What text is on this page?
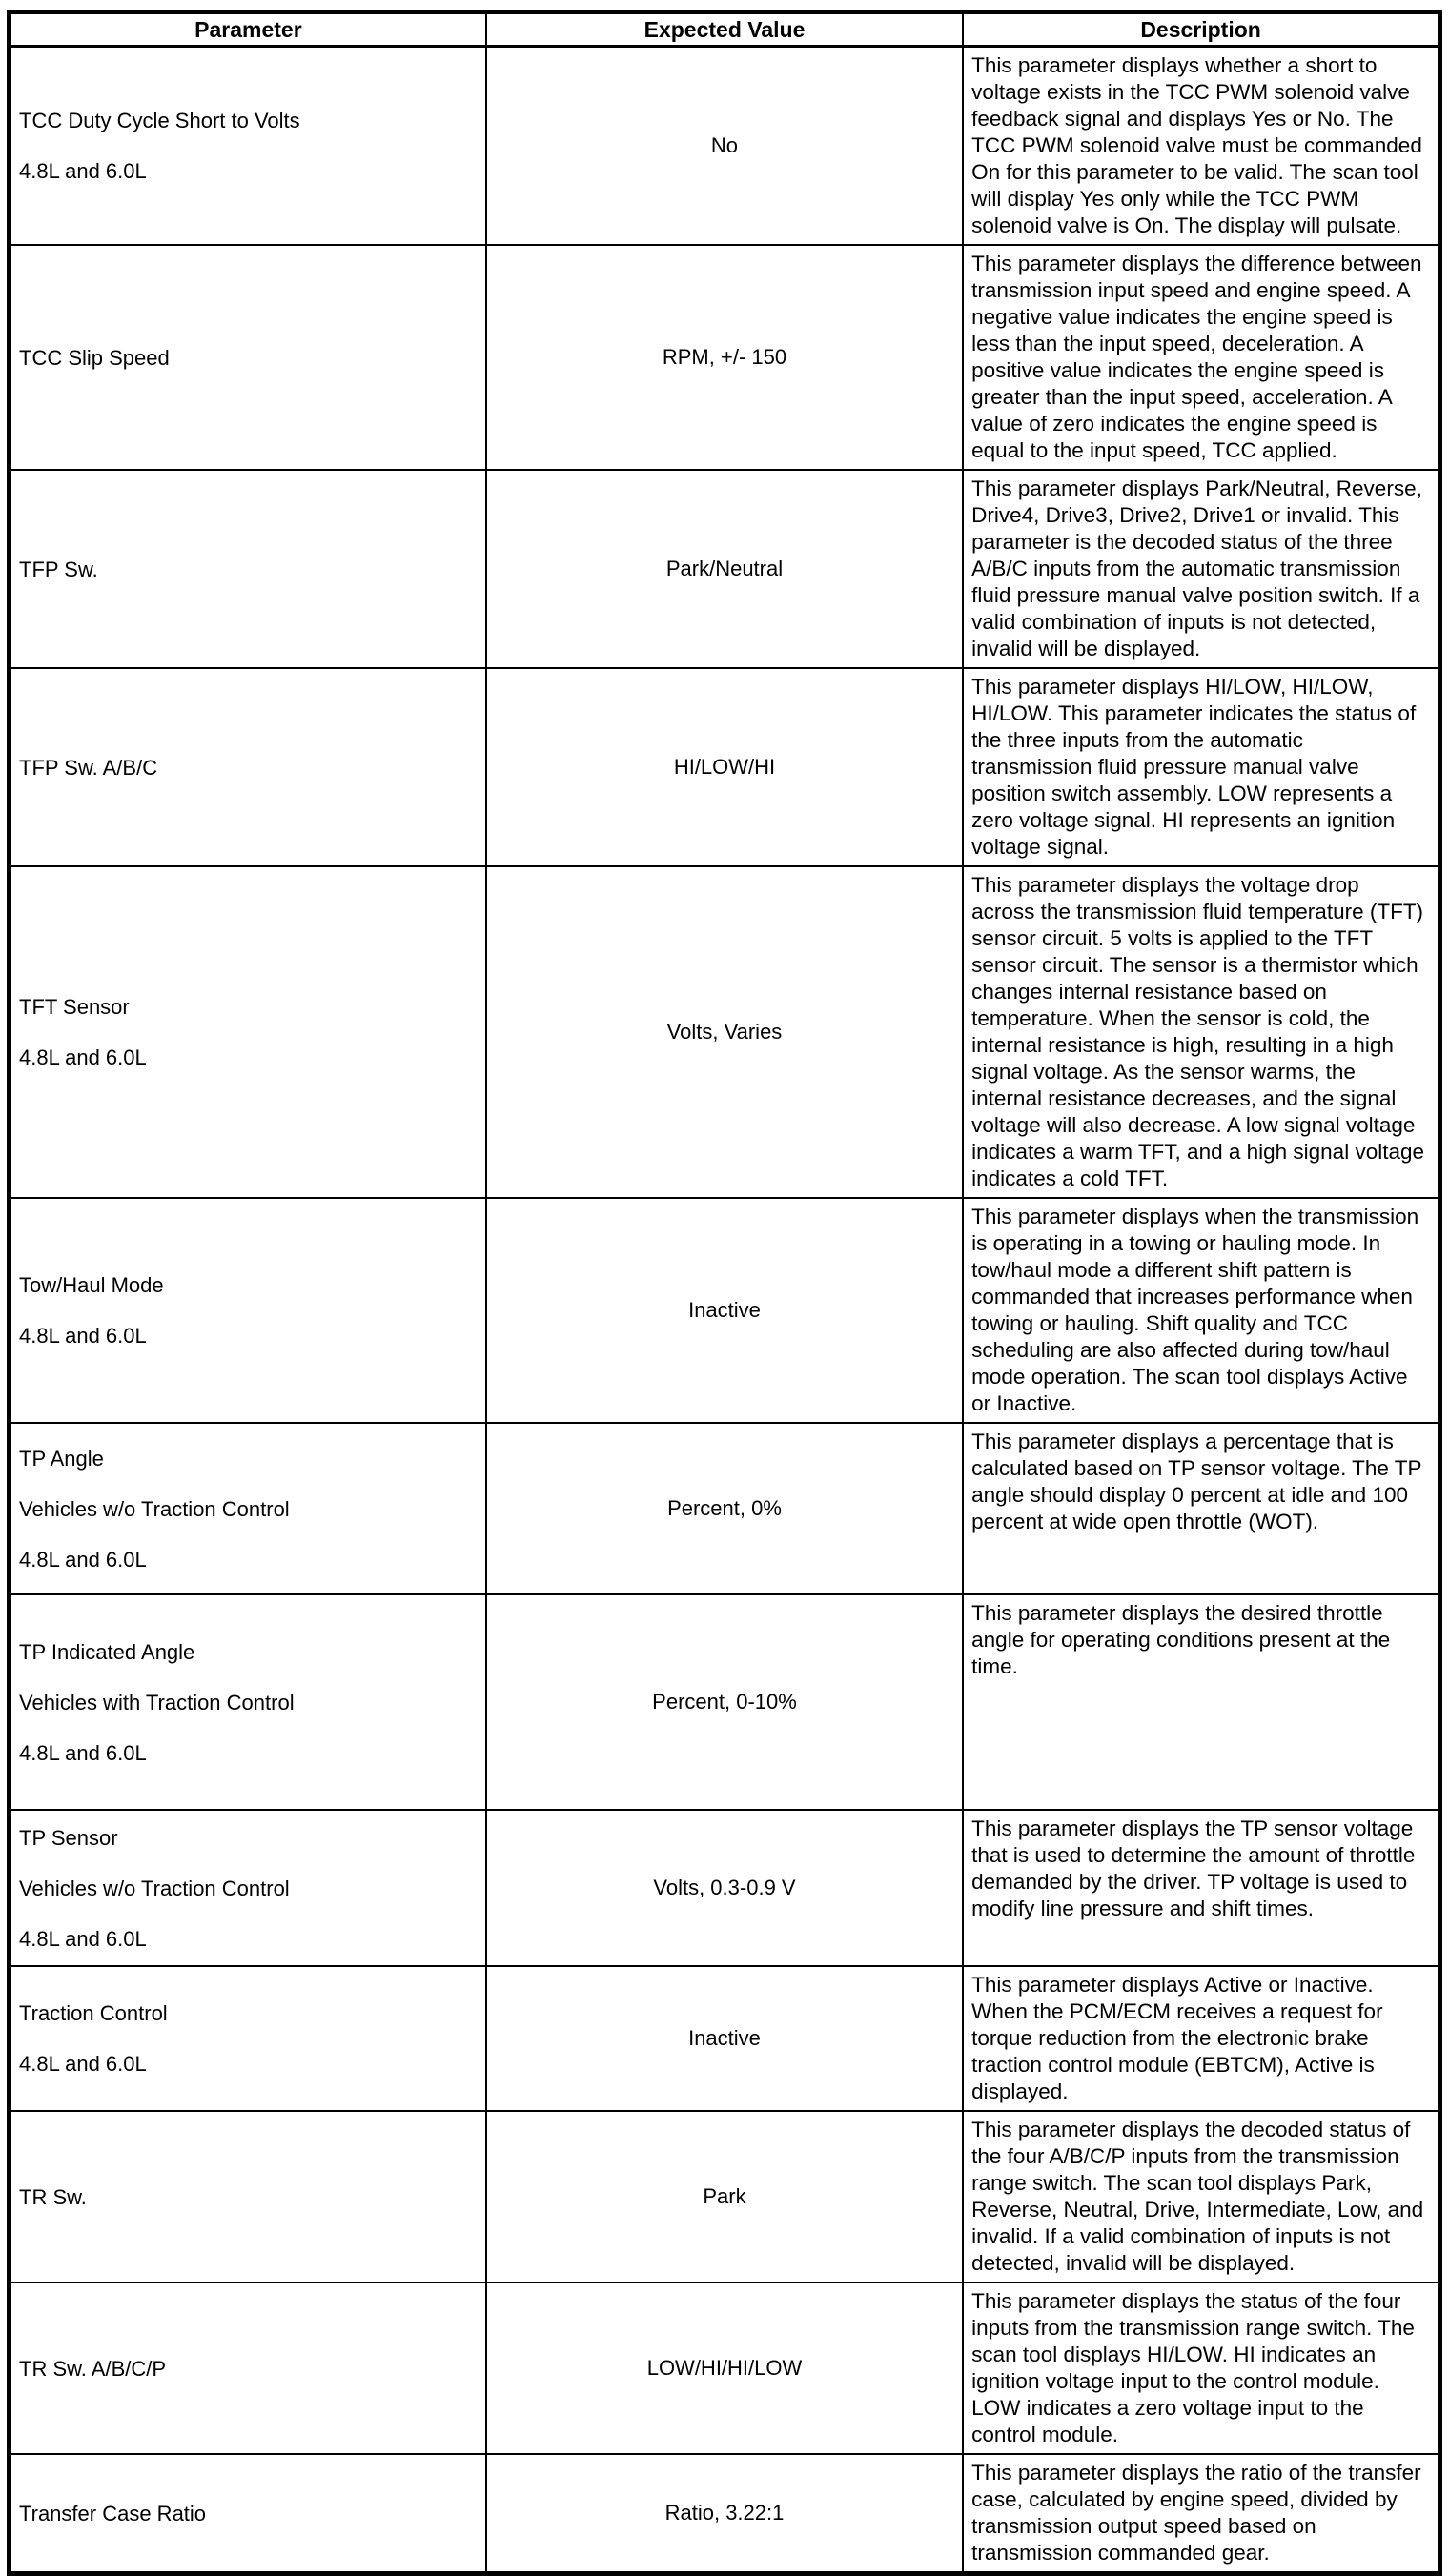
Parameter	Expected Value	Description

TCC Duty Cycle Short to Volts
4.8L and 6.0L	No	This parameter displays whether a short to voltage exists in the TCC PWM solenoid valve feedback signal and displays Yes or No. The TCC PWM solenoid valve must be commanded On for this parameter to be valid. The scan tool will display Yes only while the TCC PWM solenoid valve is On. The display will pulsate.

TCC Slip Speed	RPM, +/- 150	This parameter displays the difference between transmission input speed and engine speed. A negative value indicates the engine speed is less than the input speed, deceleration. A positive value indicates the engine speed is greater than the input speed, acceleration. A value of zero indicates the engine speed is equal to the input speed, TCC applied.

TFP Sw.	Park/Neutral	This parameter displays Park/Neutral, Reverse, Drive4, Drive3, Drive2, Drive1 or invalid. This parameter is the decoded status of the three A/B/C inputs from the automatic transmission fluid pressure manual valve position switch. If a valid combination of inputs is not detected, invalid will be displayed.

TFP Sw. A/B/C	HI/LOW/HI	This parameter displays HI/LOW, HI/LOW, HI/LOW. This parameter indicates the status of the three inputs from the automatic transmission fluid pressure manual valve position switch assembly. LOW represents a zero voltage signal. HI represents an ignition voltage signal.

TFT Sensor
4.8L and 6.0L	Volts, Varies	This parameter displays the voltage drop across the transmission fluid temperature (TFT) sensor circuit. 5 volts is applied to the TFT sensor circuit. The sensor is a thermistor which changes internal resistance based on temperature. When the sensor is cold, the internal resistance is high, resulting in a high signal voltage. As the sensor warms, the internal resistance decreases, and the signal voltage will also decrease. A low signal voltage indicates a warm TFT, and a high signal voltage indicates a cold TFT.

Tow/Haul Mode
4.8L and 6.0L	Inactive	This parameter displays when the transmission is operating in a towing or hauling mode. In tow/haul mode a different shift pattern is commanded that increases performance when towing or hauling. Shift quality and TCC scheduling are also affected during tow/haul mode operation. The scan tool displays Active or Inactive.

TP Angle
Vehicles w/o Traction Control
4.8L and 6.0L	Percent, 0%	This parameter displays a percentage that is calculated based on TP sensor voltage. The TP angle should display 0 percent at idle and 100 percent at wide open throttle (WOT).

TP Indicated Angle
Vehicles with Traction Control
4.8L and 6.0L	Percent, 0-10%	This parameter displays the desired throttle angle for operating conditions present at the time.

TP Sensor
Vehicles w/o Traction Control
4.8L and 6.0L	Volts, 0.3-0.9 V	This parameter displays the TP sensor voltage that is used to determine the amount of throttle demanded by the driver. TP voltage is used to modify line pressure and shift times.

Traction Control
4.8L and 6.0L	Inactive	This parameter displays Active or Inactive. When the PCM/ECM receives a request for torque reduction from the electronic brake traction control module (EBTCM), Active is displayed.

TR Sw.	Park	This parameter displays the decoded status of the four A/B/C/P inputs from the transmission range switch. The scan tool displays Park, Reverse, Neutral, Drive, Intermediate, Low, and invalid. If a valid combination of inputs is not detected, invalid will be displayed.

TR Sw. A/B/C/P	LOW/HI/HI/LOW	This parameter displays the status of the four inputs from the transmission range switch. The scan tool displays HI/LOW. HI indicates an ignition voltage input to the control module. LOW indicates a zero voltage input to the control module.

Transfer Case Ratio	Ratio, 3.22:1	This parameter displays the ratio of the transfer case, calculated by engine speed, divided by transmission output speed based on transmission commanded gear.
